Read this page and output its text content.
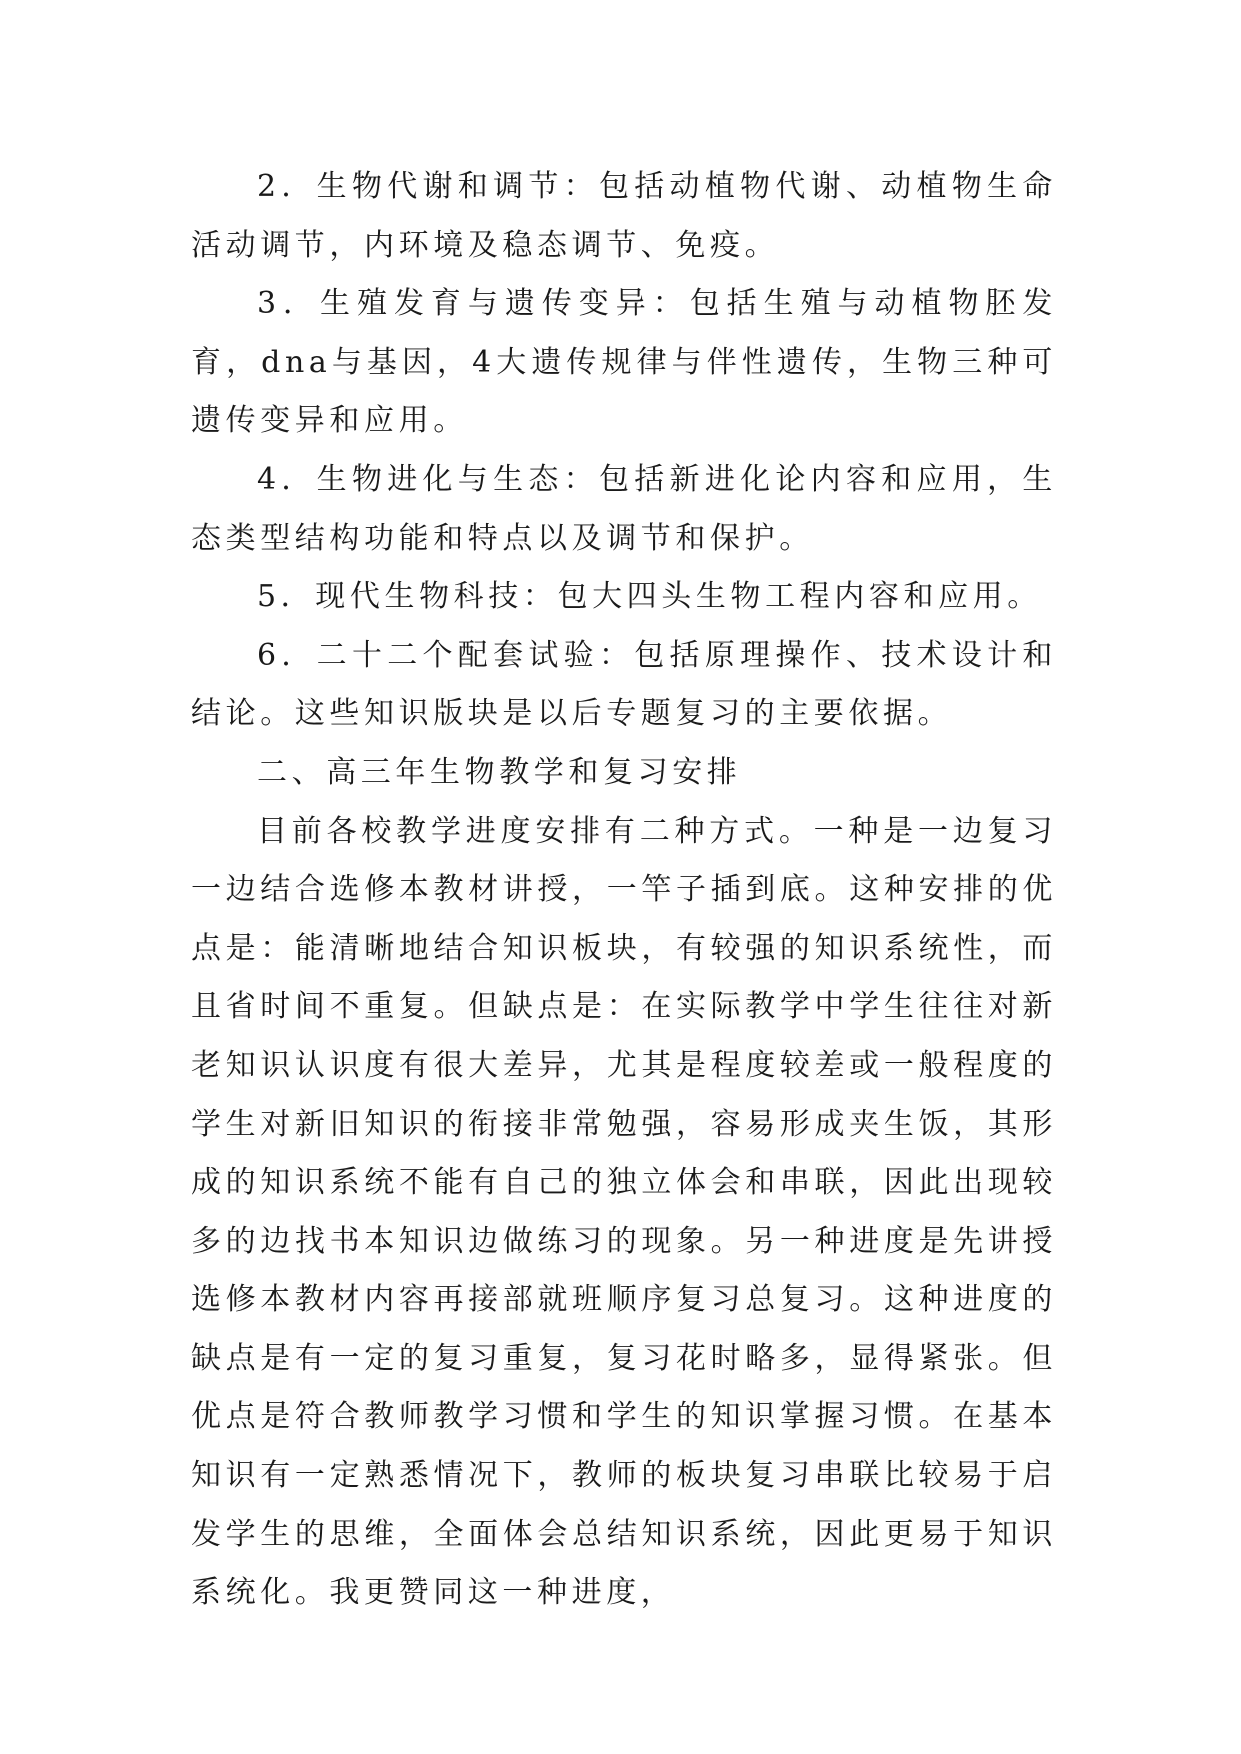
2．生物代谢和调节：包括动植物代谢、动植物生命活动调节，内环境及稳态调节、免疫。

3．生殖发育与遗传变异：包括生殖与动植物胚发育，dna与基因，4大遗传规律与伴性遗传，生物三种可遗传变异和应用。

4．生物进化与生态：包括新进化论内容和应用，生态类型结构功能和特点以及调节和保护。

5．现代生物科技：包大四头生物工程内容和应用。

6．二十二个配套试验：包括原理操作、技术设计和结论。这些知识版块是以后专题复习的主要依据。

二、高三年生物教学和复习安排

目前各校教学进度安排有二种方式。一种是一边复习一边结合选修本教材讲授，一竿子插到底。这种安排的优点是：能清晰地结合知识板块，有较强的知识系统性，而且省时间不重复。但缺点是：在实际教学中学生往往对新老知识认识度有很大差异，尤其是程度较差或一般程度的学生对新旧知识的衔接非常勉强，容易形成夹生饭，其形成的知识系统不能有自己的独立体会和串联，因此出现较多的边找书本知识边做练习的现象。另一种进度是先讲授选修本教材内容再接部就班顺序复习总复习。这种进度的缺点是有一定的复习重复，复习花时略多，显得紧张。但优点是符合教师教学习惯和学生的知识掌握习惯。在基本知识有一定熟悉情况下，教师的板块复习串联比较易于启发学生的思维，全面体会总结知识系统，因此更易于知识系统化。我更赞同这一种进度，
